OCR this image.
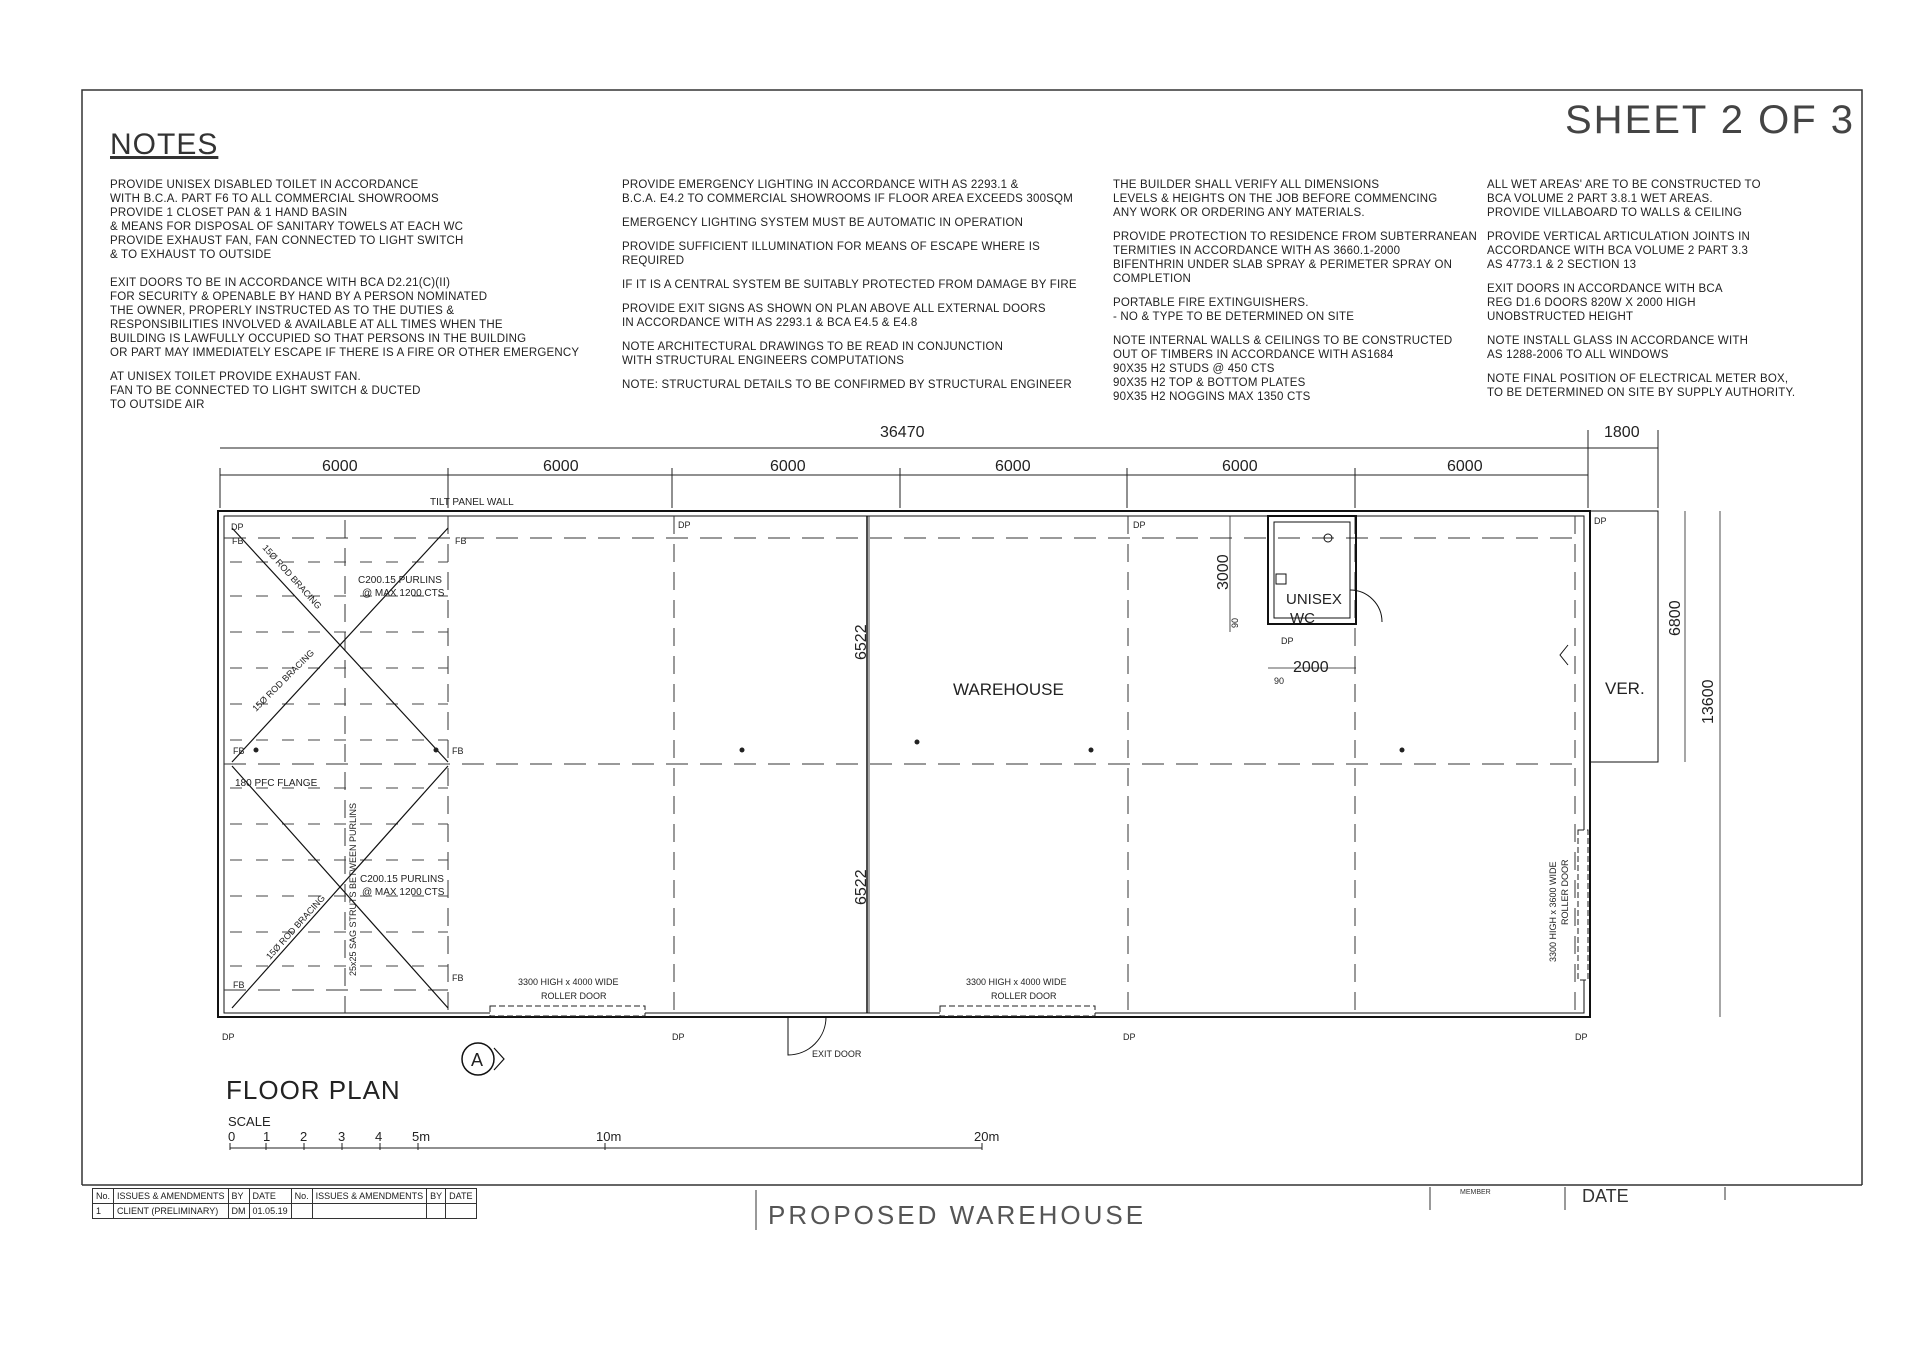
SHEET 2 OF 3
NOTES

PROVIDE UNISEX DISABLED TOILET IN ACCORDANCE
WITH B.C.A. PART F6 TO ALL COMMERCIAL SHOWROOMS
PROVIDE 1 CLOSET PAN & 1 HAND BASIN
& MEANS FOR DISPOSAL OF SANITARY TOWELS AT EACH WC
PROVIDE EXHAUST FAN, FAN CONNECTED TO LIGHT SWITCH
& TO EXHAUST TO OUTSIDE

EXIT DOORS TO BE IN ACCORDANCE WITH BCA D2.21(C)(II)
FOR SECURITY & OPENABLE BY HAND BY A PERSON NOMINATED
THE OWNER, PROPERLY INSTRUCTED AS TO THE DUTIES &
RESPONSIBILITIES INVOLVED & AVAILABLE AT ALL TIMES WHEN THE
BUILDING IS LAWFULLY OCCUPIED SO THAT PERSONS IN THE BUILDING
OR PART MAY IMMEDIATELY ESCAPE IF THERE IS A FIRE OR OTHER EMERGENCY

AT UNISEX TOILET PROVIDE EXHAUST FAN.
FAN TO BE CONNECTED TO LIGHT SWITCH & DUCTED
TO OUTSIDE AIR

PROVIDE EMERGENCY LIGHTING IN ACCORDANCE WITH AS 2293.1 &
B.C.A. E4.2 TO COMMERCIAL SHOWROOMS IF FLOOR AREA EXCEEDS 300SQM

EMERGENCY LIGHTING SYSTEM MUST BE AUTOMATIC IN OPERATION

PROVIDE SUFFICIENT ILLUMINATION FOR MEANS OF ESCAPE WHERE IS REQUIRED

IF IT IS A CENTRAL SYSTEM BE SUITABLY PROTECTED FROM DAMAGE BY FIRE

PROVIDE EXIT SIGNS AS SHOWN ON PLAN ABOVE ALL EXTERNAL DOORS
IN ACCORDANCE WITH AS 2293.1 & BCA E4.5 & E4.8

NOTE ARCHITECTURAL DRAWINGS TO BE READ IN CONJUNCTION
WITH STRUCTURAL ENGINEERS COMPUTATIONS

NOTE: STRUCTURAL DETAILS TO BE CONFIRMED BY STRUCTURAL ENGINEER

THE BUILDER SHALL VERIFY ALL DIMENSIONS
LEVELS & HEIGHTS ON THE JOB BEFORE COMMENCING
ANY WORK OR ORDERING ANY MATERIALS.

PROVIDE PROTECTION TO RESIDENCE FROM SUBTERRANEAN
TERMITIES IN ACCORDANCE WITH AS 3660.1-2000
BIFENTHRIN UNDER SLAB SPRAY & PERIMETER SPRAY ON COMPLETION

PORTABLE FIRE EXTINGUISHERS.
- NO & TYPE TO BE DETERMINED ON SITE

NOTE INTERNAL WALLS & CEILINGS TO BE CONSTRUCTED
OUT OF TIMBERS IN ACCORDANCE WITH AS1684
90X35 H2 STUDS @ 450 CTS
90X35 H2 TOP & BOTTOM PLATES
90X35 H2 NOGGINS MAX 1350 CTS

ALL WET AREAS' ARE TO BE CONSTRUCTED TO
BCA VOLUME 2 PART 3.8.1 WET AREAS.
PROVIDE VILLABOARD TO WALLS & CEILING

PROVIDE VERTICAL ARTICULATION JOINTS IN
ACCORDANCE WITH BCA VOLUME 2 PART 3.3
AS 4773.1 & 2 SECTION 13

EXIT DOORS IN ACCORDANCE WITH BCA
REG D1.6 DOORS 820W X 2000 HIGH
UNOBSTRUCTED HEIGHT

NOTE INSTALL GLASS IN ACCORDANCE WITH
AS 1288-2006 TO ALL WINDOWS

NOTE FINAL POSITION OF ELECTRICAL METER BOX,
TO BE DETERMINED ON SITE BY SUPPLY AUTHORITY.

36470	1800
6000	6000	6000	6000	6000	6000
TILT PANEL WALL
VER.
15Ø ROD BRACING
15Ø ROD BRACING
15Ø ROD BRACING
C200.15 PURLINS
@ MAX 1200 CTS
C200.15 PURLINS
@ MAX 1200 CTS
180 PFC FLANGE
25x25 SAG STRUTS BETWEEN PURLINS
DP	DP	DP	DP
DP	DP	DP	DP
DP
FB	FB
FB	FB
FB
FB
6522
6522
WAREHOUSE
UNISEX
WC
3000
90
2000
90	13600
6800
3300 HIGH x 4000 WIDE
ROLLER DOOR
3300 HIGH x 4000 WIDE
ROLLER DOOR
3300 HIGH x 3600 WIDE ROLLER DOOR
EXIT DOOR
A
0 1 2 3 4 5m	10m	20m
FLOOR PLAN
SCALE
No.	ISSUES & AMENDMENTS	BY	DATE	No.	ISSUES & AMENDMENTS	BY	DATE
1	CLIENT (PRELIMINARY)	DM	01.05.19					PROPOSED WAREHOUSE
MEMBER	DATE
